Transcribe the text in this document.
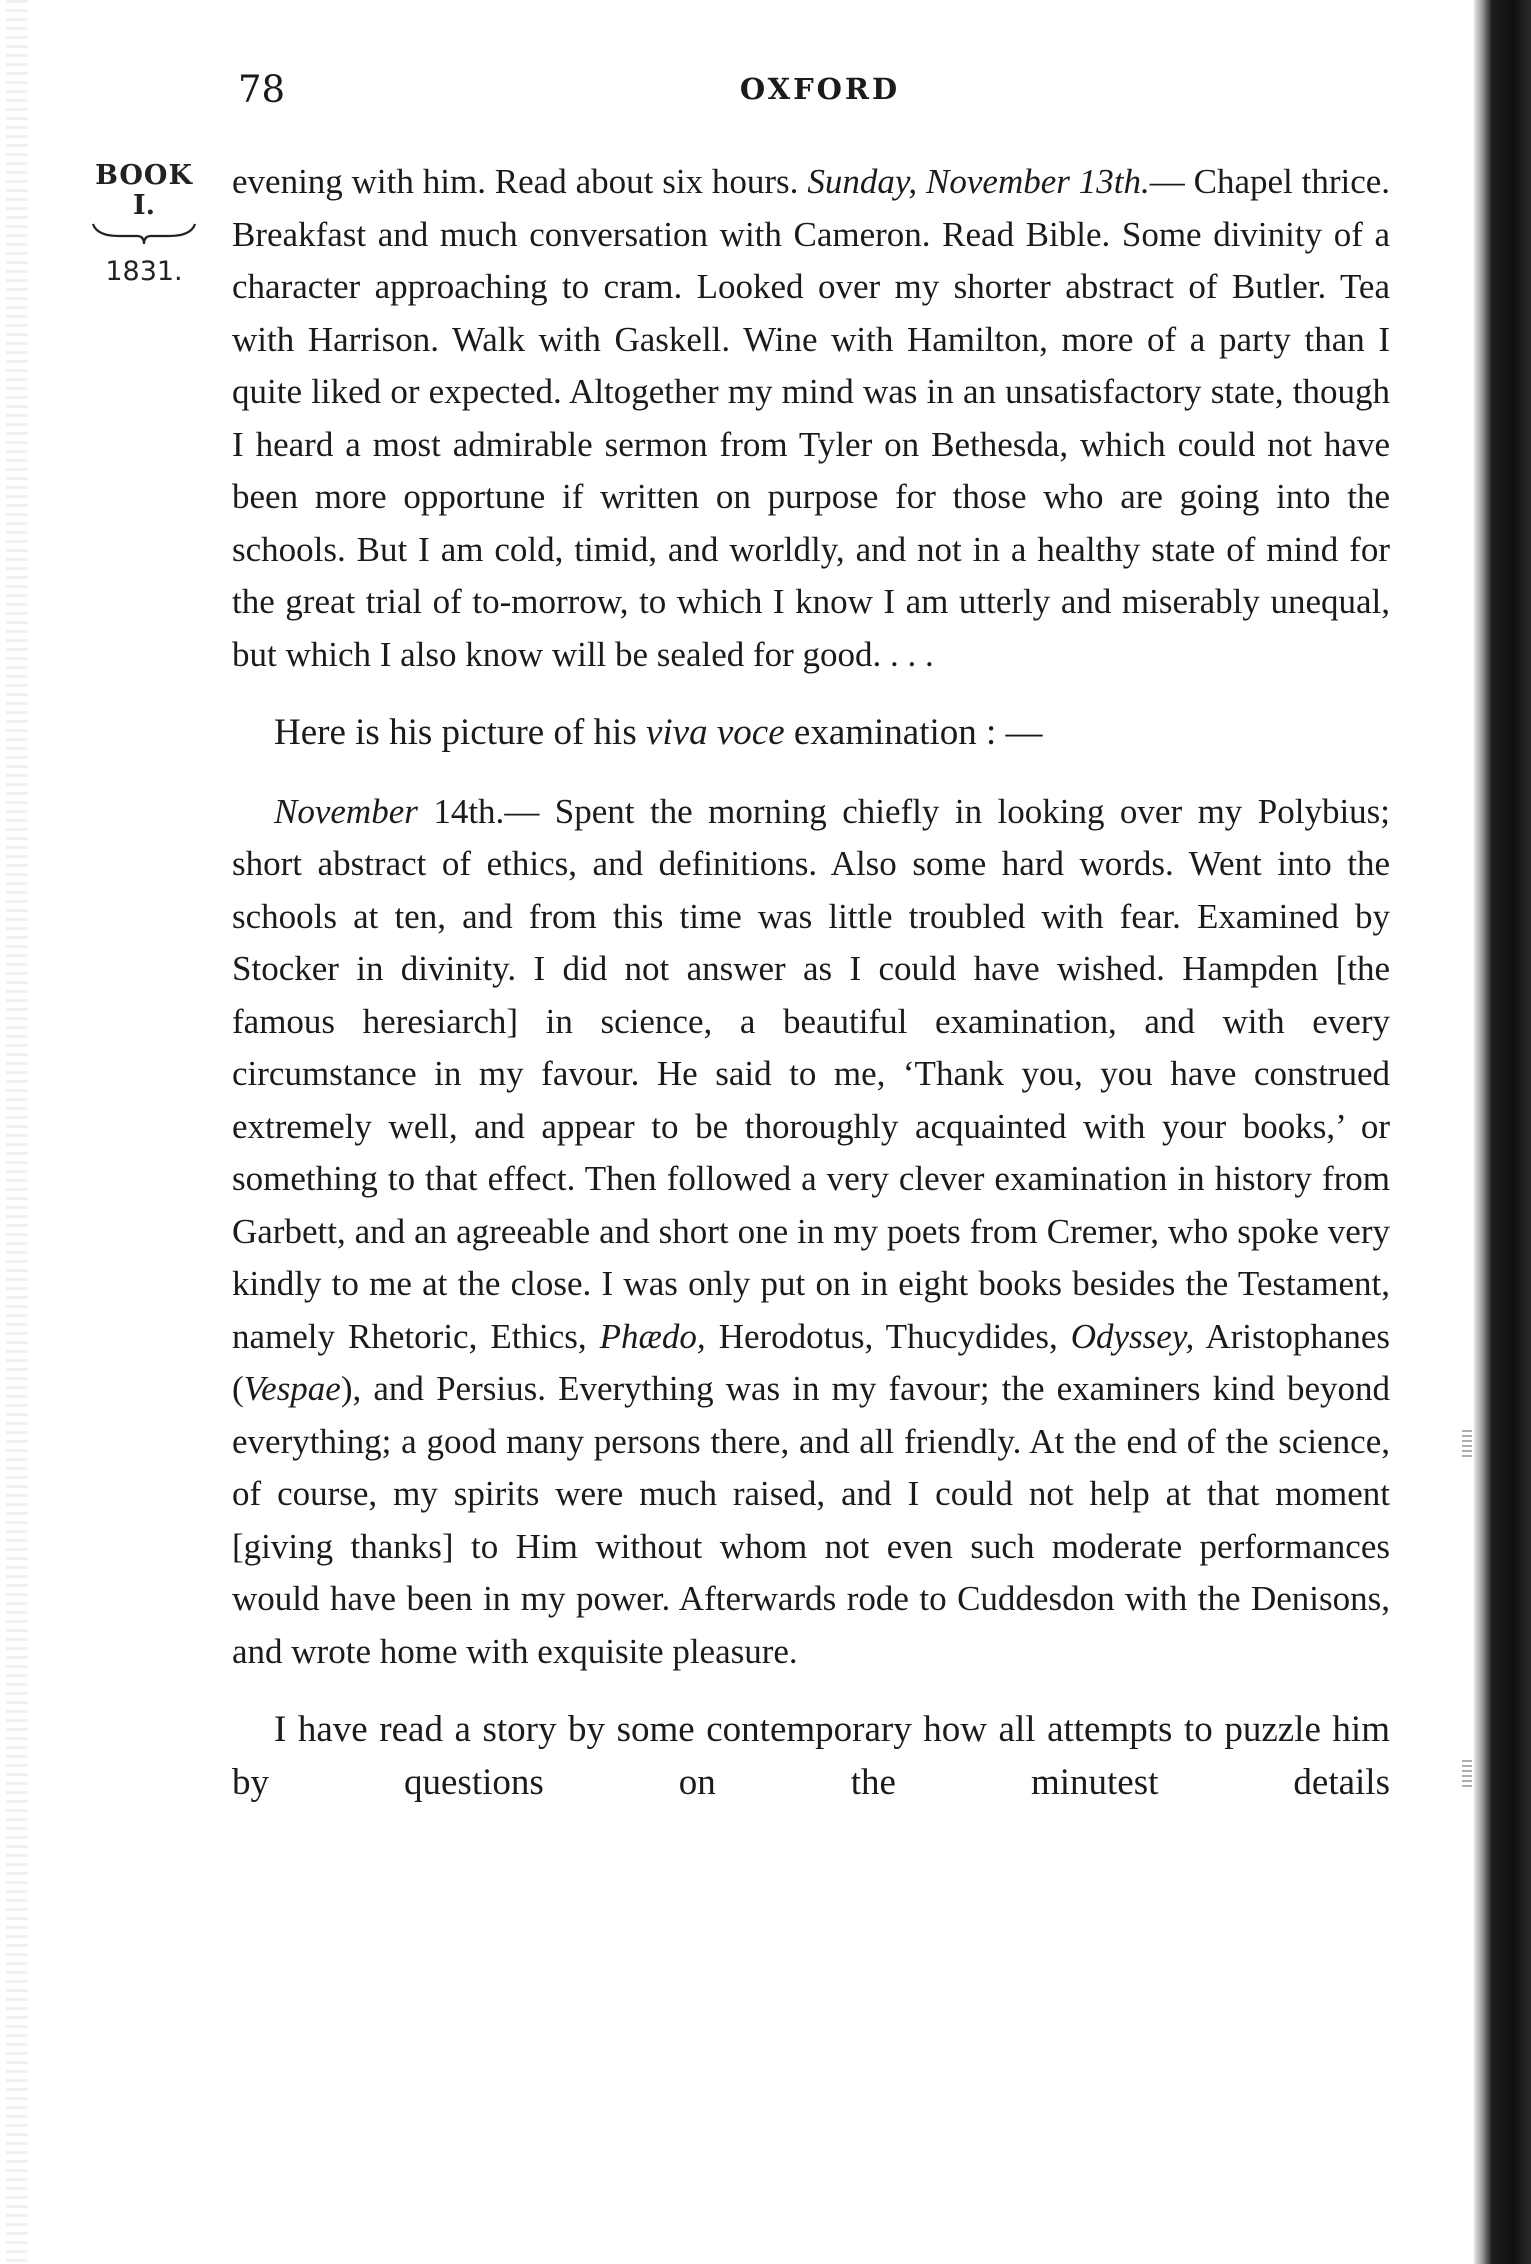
78	OXFORD
BOOK
I.
1831.

evening with him. Read about six hours. Sunday, November 13th.— Chapel thrice. Breakfast and much conversation with Cameron. Read Bible. Some divinity of a character approaching to cram. Looked over my shorter abstract of Butler. Tea with Harrison. Walk with Gaskell. Wine with Hamilton, more of a party than I quite liked or expected. Altogether my mind was in an unsatisfactory state, though I heard a most admirable sermon from Tyler on Bethesda, which could not have been more opportune if written on purpose for those who are going into the schools. But I am cold, timid, and worldly, and not in a healthy state of mind for the great trial of to-morrow, to which I know I am utterly and miserably unequal, but which I also know will be sealed for good. . . .

Here is his picture of his viva voce examination : —

November 14th.— Spent the morning chiefly in looking over my Polybius; short abstract of ethics, and definitions. Also some hard words. Went into the schools at ten, and from this time was little troubled with fear. Examined by Stocker in divinity. I did not answer as I could have wished. Hampden [the famous heresiarch] in science, a beautiful examination, and with every circumstance in my favour. He said to me, ‘Thank you, you have construed extremely well, and appear to be thoroughly acquainted with your books,’ or something to that effect. Then followed a very clever examination in history from Garbett, and an agreeable and short one in my poets from Cremer, who spoke very kindly to me at the close. I was only put on in eight books besides the Testament, namely Rhetoric, Ethics, Phædo, Herodotus, Thucydides, Odyssey, Aristophanes (Vespae), and Persius. Everything was in my favour; the examiners kind beyond everything; a good many persons there, and all friendly. At the end of the science, of course, my spirits were much raised, and I could not help at that moment [giving thanks] to Him without whom not even such moderate performances would have been in my power. Afterwards rode to Cuddesdon with the Denisons, and wrote home with exquisite pleasure.

I have read a story by some contemporary how all attempts to puzzle him by questions on the minutest details
